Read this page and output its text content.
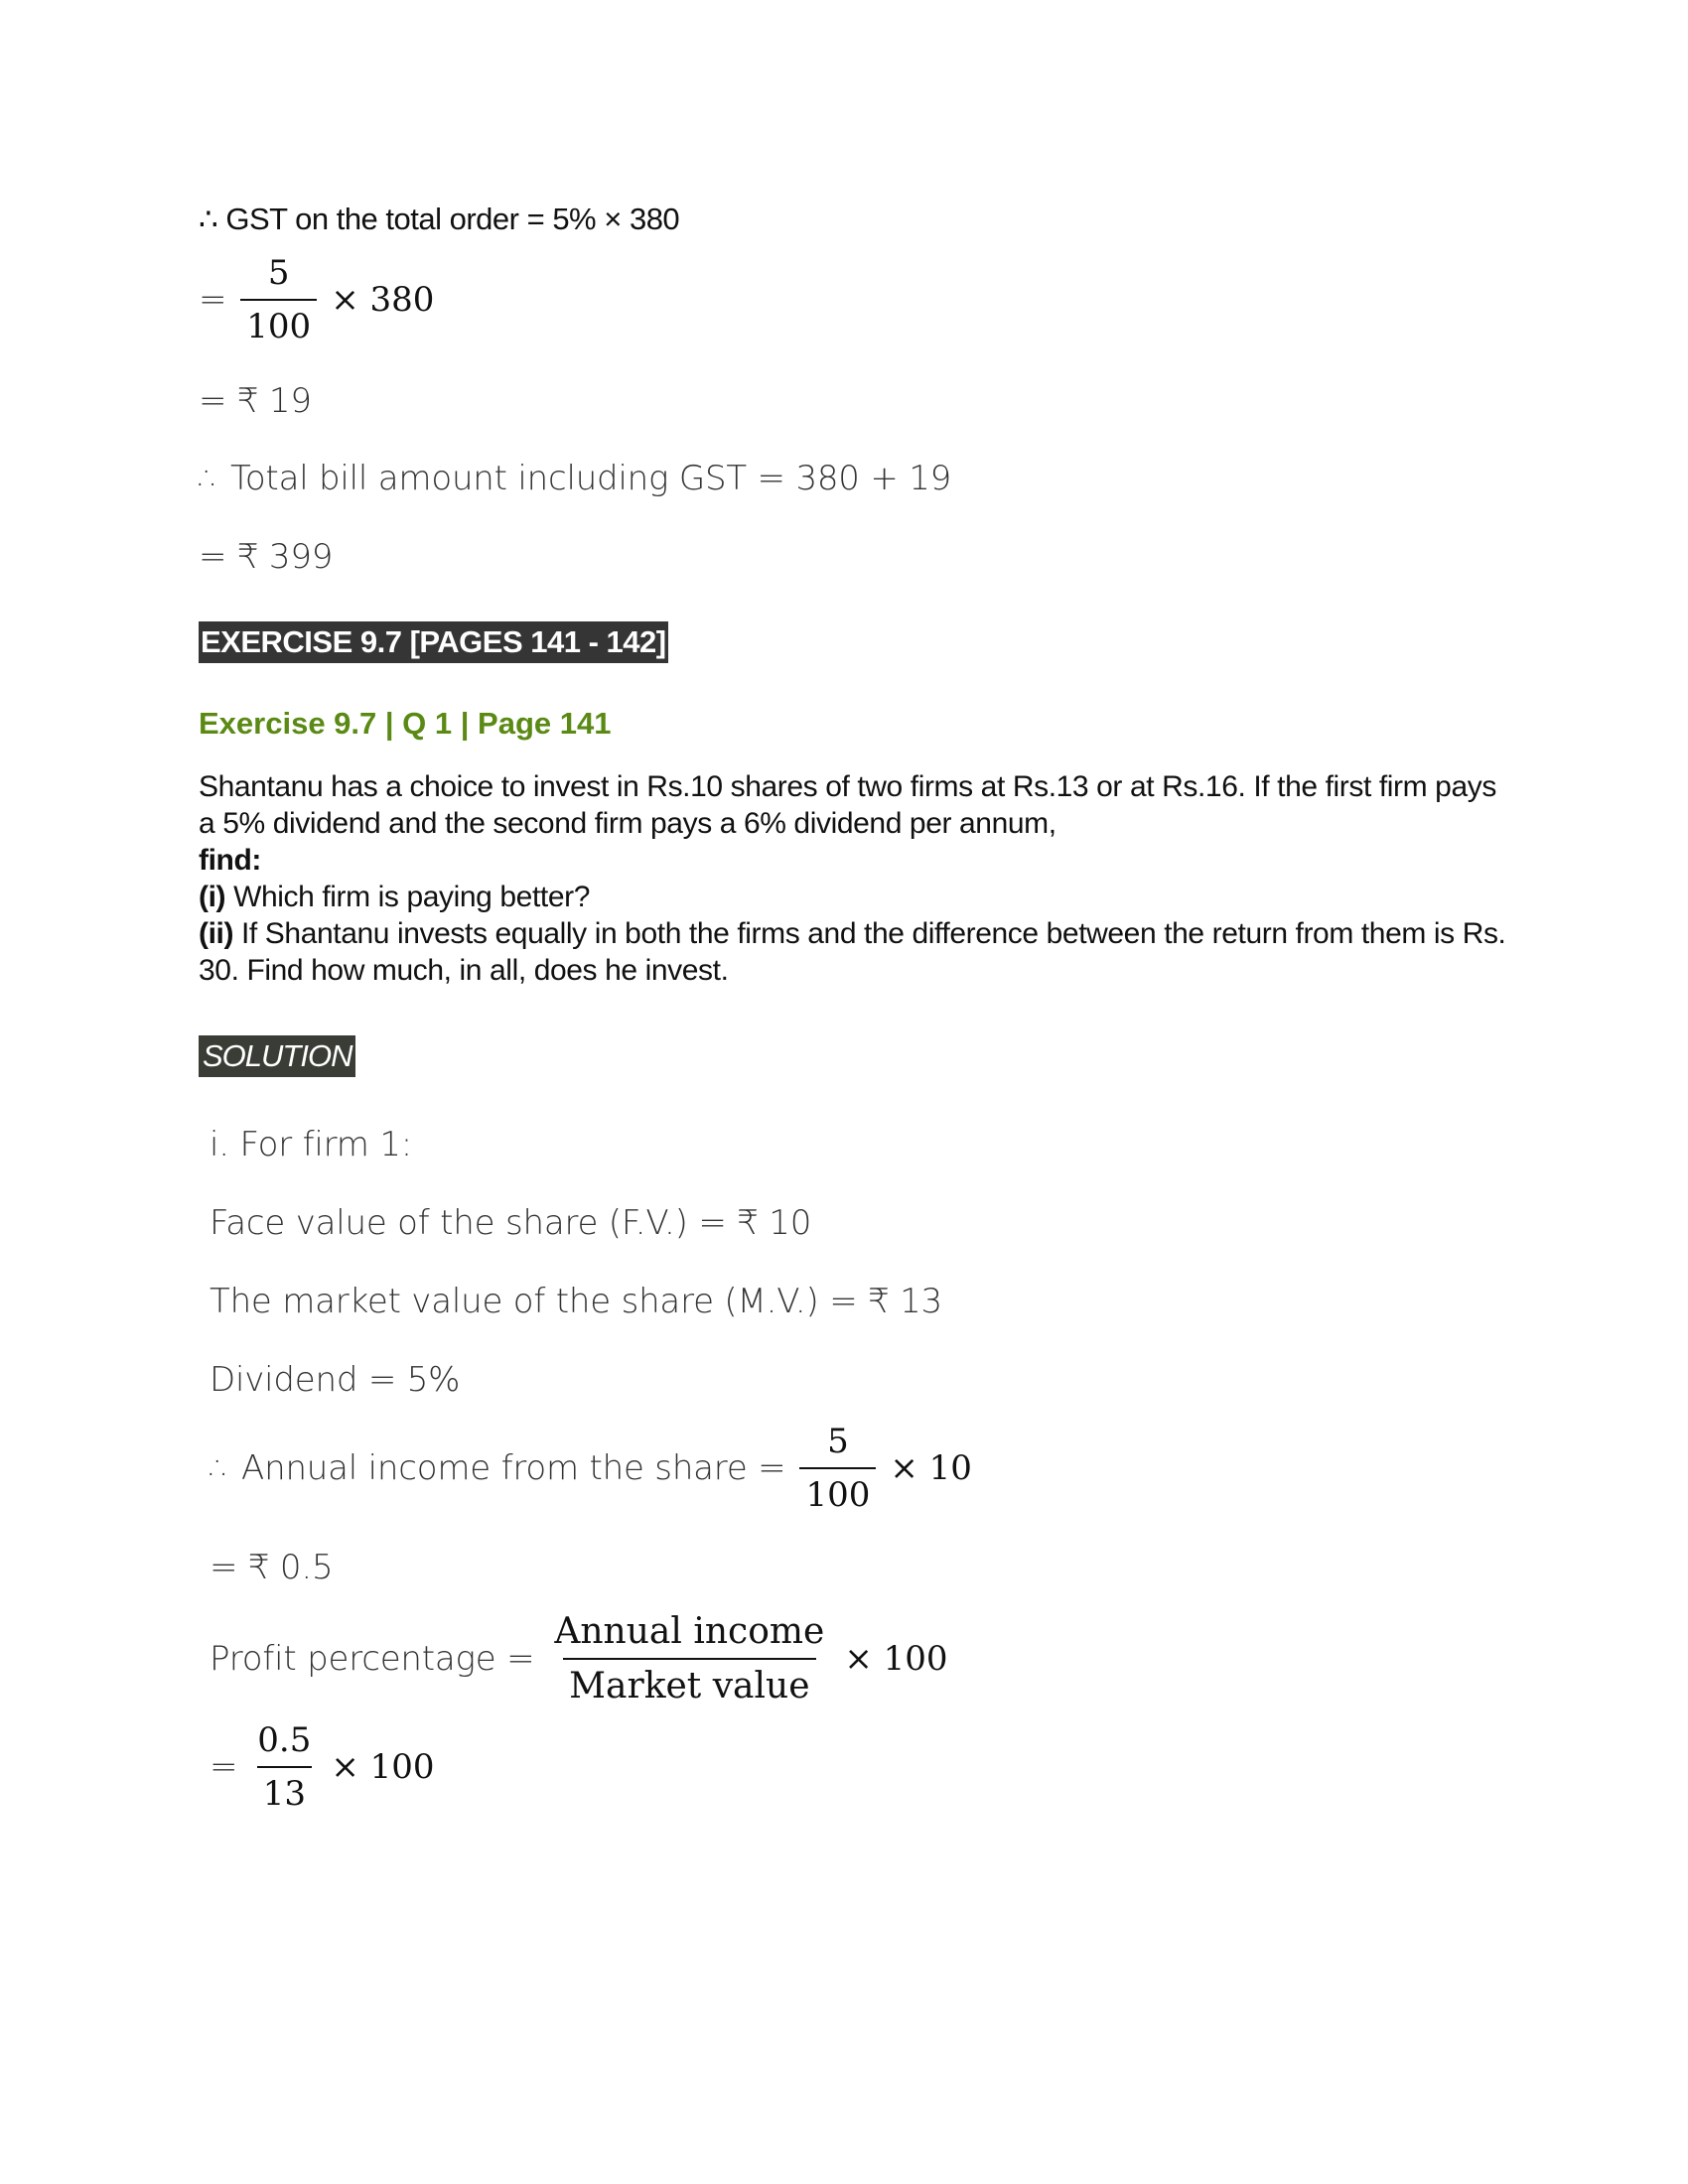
∴ GST on the total order = 5% × 380
= $\frac{5}{100} \times 380$
= ₹ 19
∴ Total bill amount including GST = 380 + 19
= ₹ 399
EXERCISE 9.7 [PAGES 141 - 142]
Exercise 9.7 | Q 1 | Page 141
Shantanu has a choice to invest in Rs.10 shares of two firms at Rs.13 or at Rs.16. If the first firm pays a 5% dividend and the second firm pays a 6% dividend per annum,
find:
(i) Which firm is paying better?
(ii) If Shantanu invests equally in both the firms and the difference between the return from them is Rs. 30. Find how much, in all, does he invest.
SOLUTION
i. For firm 1:
Face value of the share (F.V.) = ₹ 10
The market value of the share (M.V.) = ₹ 13
Dividend = 5%
∴ Annual income from the share = $\frac{5}{100} \times 10$
= ₹ 0.5
Profit percentage = $\frac{\text{Annual income}}{\text{Market value}} \times 100$
= $\frac{0.5}{13} \times 100$
